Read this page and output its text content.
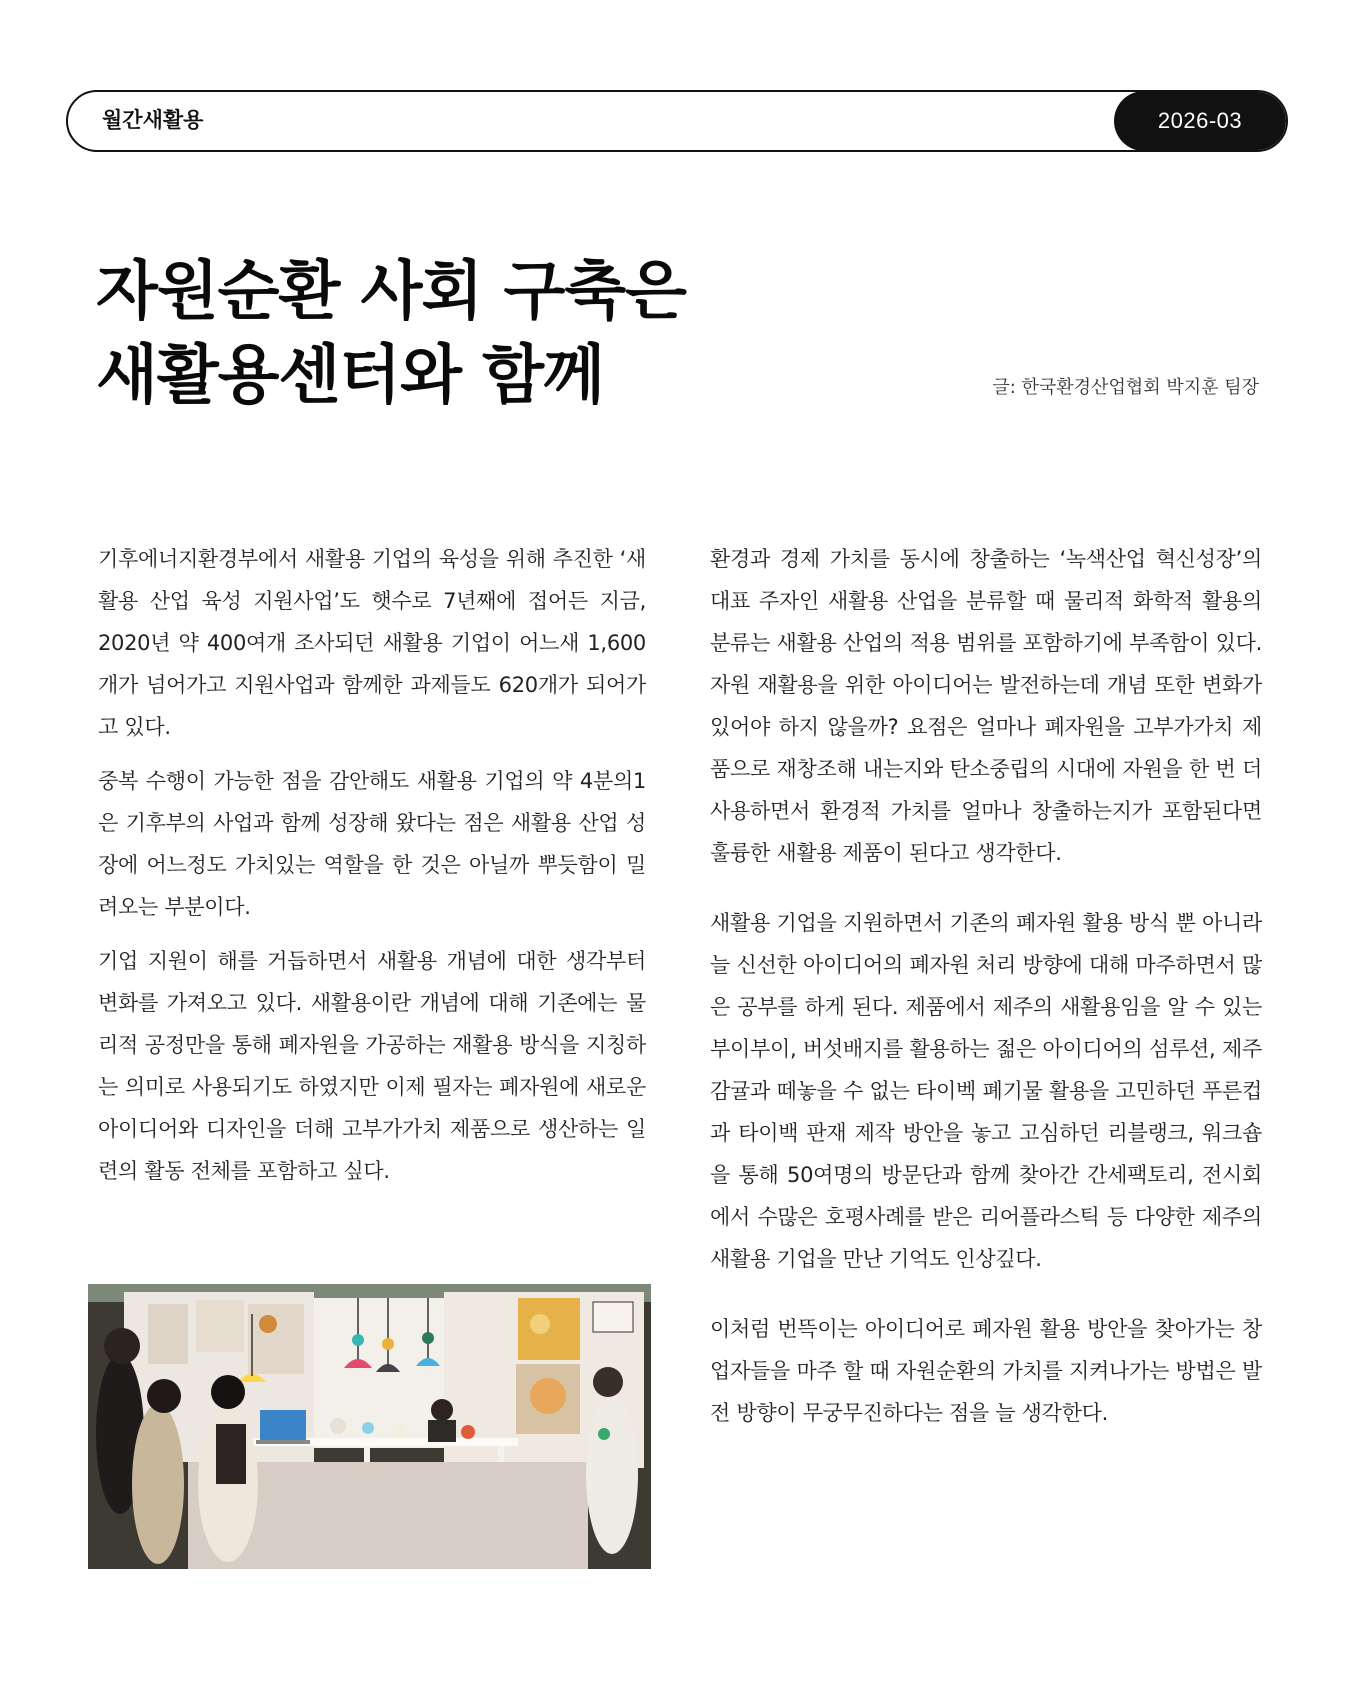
월간새활용	2026-03
자원순환 사회 구축은
새활용센터와 함께	글: 한국환경산업협회 박지훈 팀장

기후에너지환경부에서 새활용 기업의 육성을 위해 추진한 ‘새활용 산업 육성 지원사업’도 햇수로 7년째에 접어든 지금, 2020년 약 400여개 조사되던 새활용 기업이 어느새 1,600개가 넘어가고 지원사업과 함께한 과제들도 620개가 되어가고 있다.

중복 수행이 가능한 점을 감안해도 새활용 기업의 약 4분의1은 기후부의 사업과 함께 성장해 왔다는 점은 새활용 산업 성장에 어느정도 가치있는 역할을 한 것은 아닐까 뿌듯함이 밀려오는 부분이다.

기업 지원이 해를 거듭하면서 새활용 개념에 대한 생각부터 변화를 가져오고 있다. 새활용이란 개념에 대해 기존에는 물리적 공정만을 통해 폐자원을 가공하는 재활용 방식을 지칭하는 의미로 사용되기도 하였지만 이제 필자는 폐자원에 새로운 아이디어와 디자인을 더해 고부가가치 제품으로 생산하는 일련의 활동 전체를 포함하고 싶다.

환경과 경제 가치를 동시에 창출하는 ‘녹색산업 혁신성장’의 대표 주자인 새활용 산업을 분류할 때 물리적 화학적 활용의 분류는 새활용 산업의 적용 범위를 포함하기에 부족함이 있다. 자원 재활용을 위한 아이디어는 발전하는데 개념 또한 변화가 있어야 하지 않을까? 요점은 얼마나 폐자원을 고부가가치 제품으로 재창조해 내는지와 탄소중립의 시대에 자원을 한 번 더 사용하면서 환경적 가치를 얼마나 창출하는지가 포함된다면 훌륭한 새활용 제품이 된다고 생각한다.

새활용 기업을 지원하면서 기존의 폐자원 활용 방식 뿐 아니라 늘 신선한 아이디어의 폐자원 처리 방향에 대해 마주하면서 많은 공부를 하게 된다. 제품에서 제주의 새활용임을 알 수 있는 부이부이, 버섯배지를 활용하는 젊은 아이디어의 섬루션, 제주감귤과 떼놓을 수 없는 타이벡 폐기물 활용을 고민하던 푸른컵과 타이백 판재 제작 방안을 놓고 고심하던 리블랭크, 워크숍을 통해 50여명의 방문단과 함께 찾아간 간세팩토리, 전시회에서 수많은 호평사례를 받은 리어플라스틱 등 다양한 제주의 새활용 기업을 만난 기억도 인상깊다.

이처럼 번뜩이는 아이디어로 폐자원 활용 방안을 찾아가는 창업자들을 마주 할 때 자원순환의 가치를 지켜나가는 방법은 발전 방향이 무궁무진하다는 점을 늘 생각한다.
